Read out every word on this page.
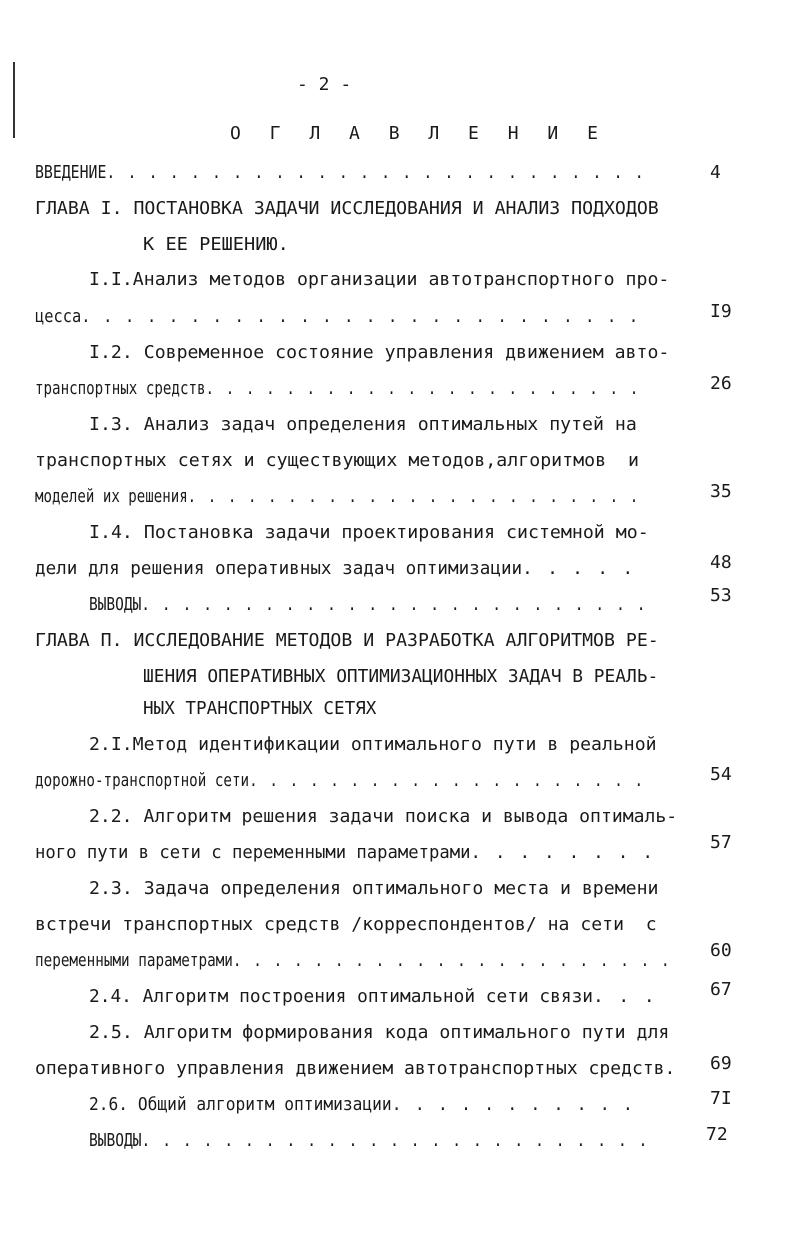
- 2 -
О Г Л А В Л Е Н И Е
ВВЕДЕНИЕ. . . . . . . . . . . . . . . . . . . . . . . . . .	4
ГЛАВА I. ПОСТАНОВКА ЗАДАЧИ ИССЛЕДОВАНИЯ И АНАЛИЗ ПОДХОДОВ
К ЕЕ РЕШЕНИЮ.
I.I.Анализ методов организации автотранспортного про-
цесса. . . . . . . . . . . . . . . . . . . . . . . . . .	I9
I.2. Современное состояние управления движением авто-
транспортных средств. . . . . . . . . . . . . . . . . . . . . .	26
I.3. Анализ задач определения оптимальных путей на
транспортных сетях и существующих методов,алгоритмов  и
моделей их решения. . . . . . . . . . . . . . . . . . . . . . .	35
I.4. Постановка задачи проектирования системной мо-
дели для решения оперативных задач оптимизации. . . . .	48
ВЫВОДЫ. . . . . . . . . . . . . . . . . . . . . . . . .	53
ГЛАВА П. ИССЛЕДОВАНИЕ МЕТОДОВ И РАЗРАБОТКА АЛГОРИТМОВ РЕ-
ШЕНИЯ ОПЕРАТИВНЫХ ОПТИМИЗАЦИОННЫХ ЗАДАЧ В РЕАЛЬ-
НЫХ ТРАНСПОРТНЫХ СЕТЯХ
2.I.Метод идентификации оптимального пути в реальной
дорожно-транспортной сети. . . . . . . . . . . . . . . . . . . .	54
2.2. Алгоритм решения задачи поиска и вывода оптималь-
ного пути в сети с переменными параметрами. . . . . . . .	57
2.3. Задача определения оптимального места и времени
встречи транспортных средств /корреспондентов/ на сети  с
переменными параметрами. . . . . . . . . . . . . . . . . . . . . . 60
2.4. Алгоритм построения оптимальной сети связи. . .	67
2.5. Алгоритм формирования кода оптимального пути для
оперативного управления движением автотранспортных средств. 69
2.6. Общий алгоритм оптимизации. . . . . . . . . . .	7I
ВЫВОДЫ. . . . . . . . . . . . . . . . . . . . . . . . .	72
